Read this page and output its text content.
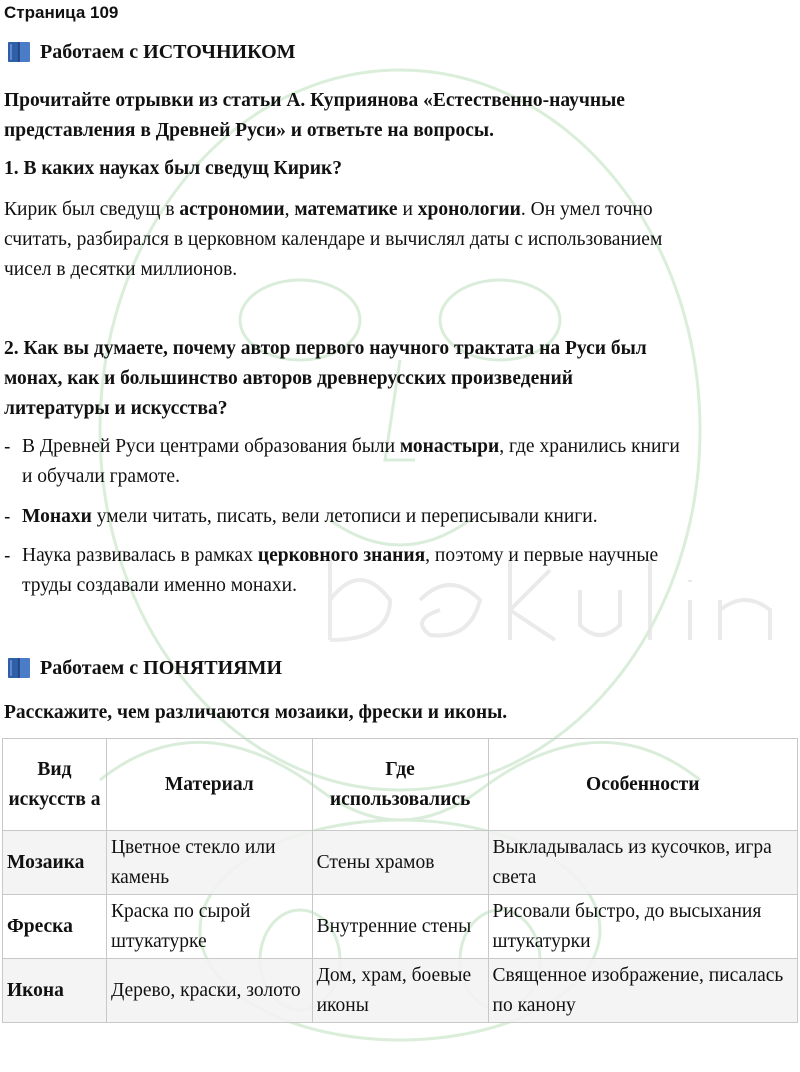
Страница 109
Работаем с
ИСТОЧНИКОМ
Прочитайте отрывки из статьи А. Куприянова «Естественно-научные
представления в Древней Руси» и ответьте на вопросы.
1. В каких науках был сведущ Кирик?
Кирик был сведущ в астрономии, математике и хронологии. Он умел точно
считать, разбирался в церковном календаре и вычислял даты с использованием
чисел в десятки миллионов.
2. Как вы думаете, почему автор первого научного трактата на Руси был
монах, как и большинство авторов древнерусских произведений
литературы и искусства?
- В Древней Руси центрами образования были монастыри, где хранились книги
и обучали грамоте.
- Монахи умели читать, писать, вели летописи и переписывали книги.
- Наука развивалась в рамках церковного знания, поэтому и первые научные
труды создавали именно монахи.
Работаем с
ПОНЯТИЯМИ
Расскажите, чем различаются мозаики, фрески и иконы.
Вид искусств а	Материал	Где использовались	Особенности
Мозаика	Цветное стекло или камень	Стены храмов	Выкладывалась из кусочков, игра света
Фреска	Краска по сырой штукатурке	Внутренние стены	Рисовали быстро, до высыхания штукатурки
Икона	Дерево, краски, золото	Дом, храм, боевые иконы	Священное изображение, писалась по канону
